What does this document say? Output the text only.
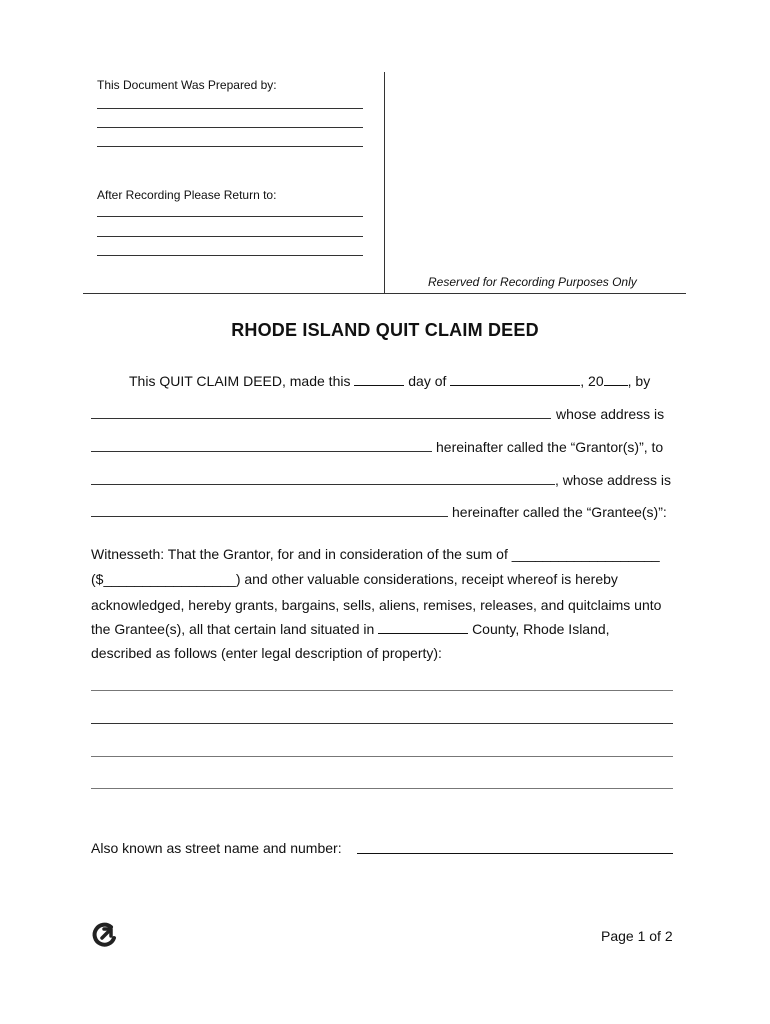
This Document Was Prepared by:
After Recording Please Return to:
Reserved for Recording Purposes Only
RHODE ISLAND QUIT CLAIM DEED
This QUIT CLAIM DEED, made this	day of	, 20 , by
whose address is
hereinafter called the “Grantor(s)”, to
, whose address is
hereinafter called the “Grantee(s)”:
Witnesseth: That the Grantor, for and in consideration of the sum of ___________________
($_________________) and other valuable considerations, receipt whereof is hereby
acknowledged, hereby grants, bargains, sells, aliens, remises, releases, and quitclaims unto
the Grantee(s), all that certain land situated in	County, Rhode Island,
described as follows (enter legal description of property):
Also known as street name and number:
Page 1 of 2
